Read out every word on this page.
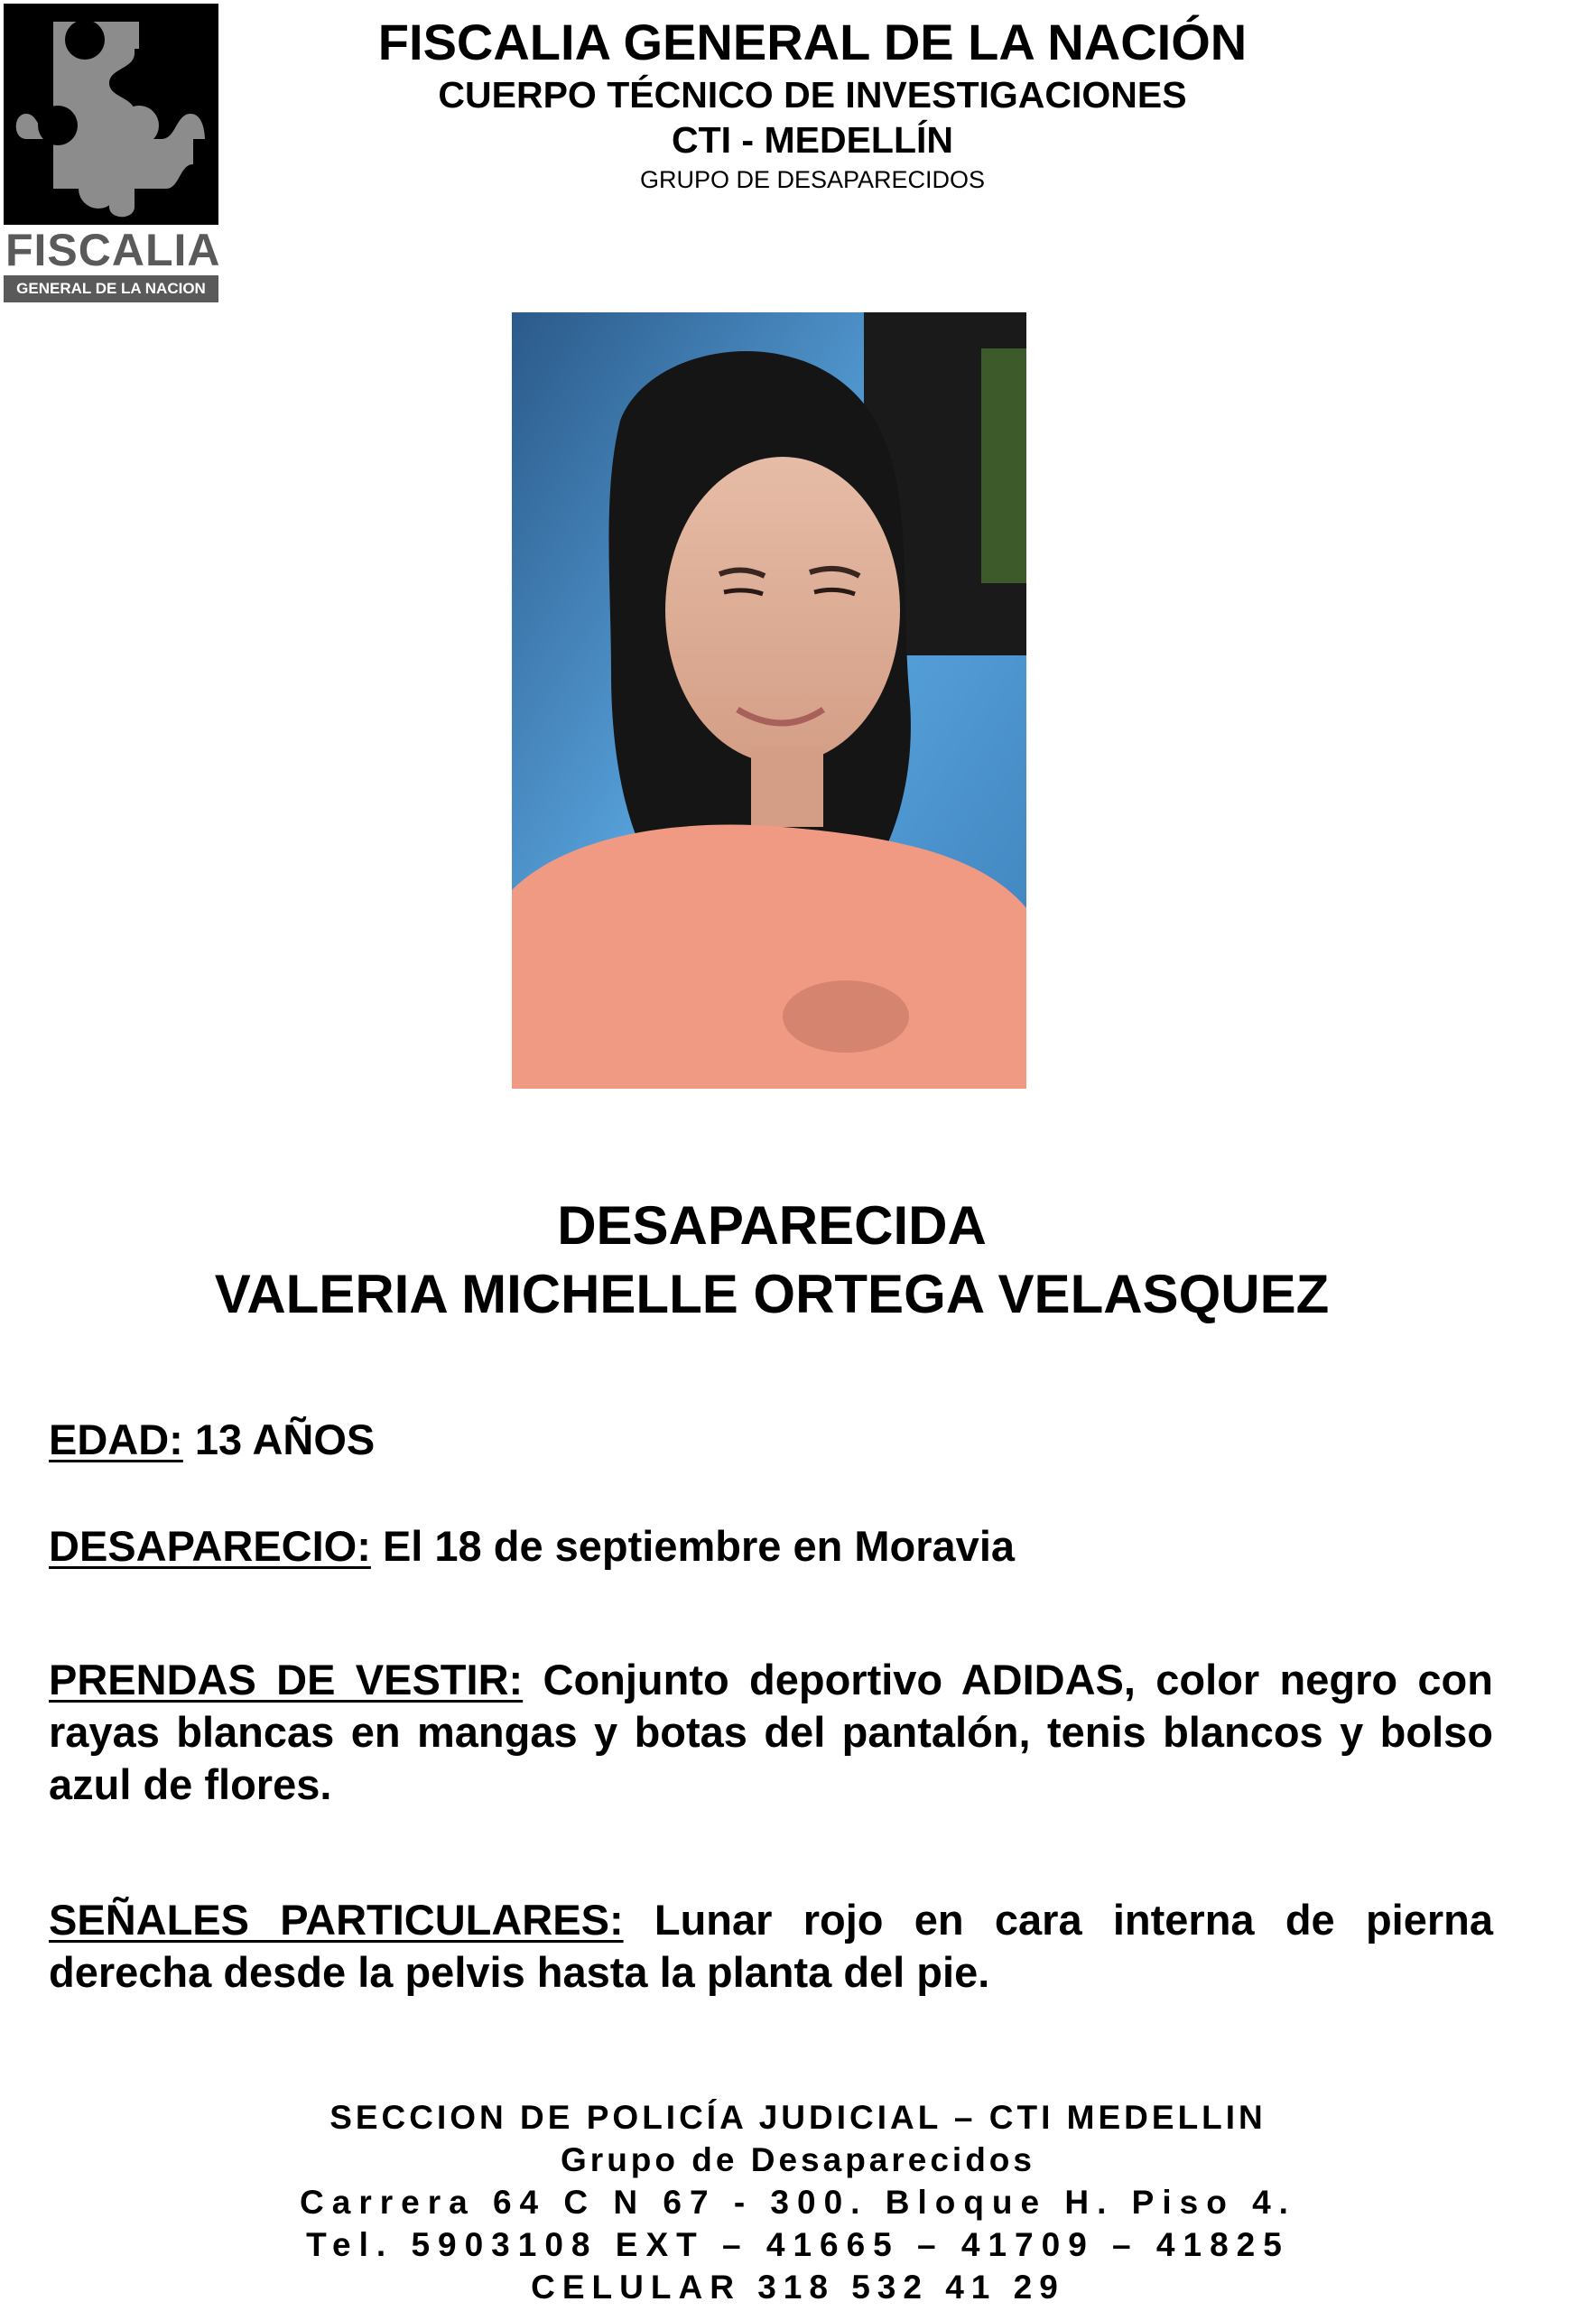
FISCALIA
GENERAL DE LA NACION
FISCALIA GENERAL DE LA NACIÓN
CUERPO TÉCNICO DE INVESTIGACIONES
CTI - MEDELLÍN
GRUPO DE DESAPARECIDOS
DESAPARECIDA
VALERIA MICHELLE ORTEGA VELASQUEZ
EDAD: 13 AÑOS
DESAPARECIO: El 18 de septiembre en Moravia
PRENDAS DE VESTIR: Conjunto deportivo ADIDAS, color negro con rayas blancas en mangas y botas del pantalón, tenis blancos y bolso azul de flores.
SEÑALES PARTICULARES: Lunar rojo en cara interna de pierna derecha desde la pelvis hasta la planta del pie.
SECCION DE POLICÍA JUDICIAL – CTI MEDELLIN
Grupo de Desaparecidos
Carrera 64 C N 67 - 300. Bloque H. Piso 4.
Tel. 5903108 EXT – 41665 – 41709 – 41825
CELULAR 318 532 41 29
